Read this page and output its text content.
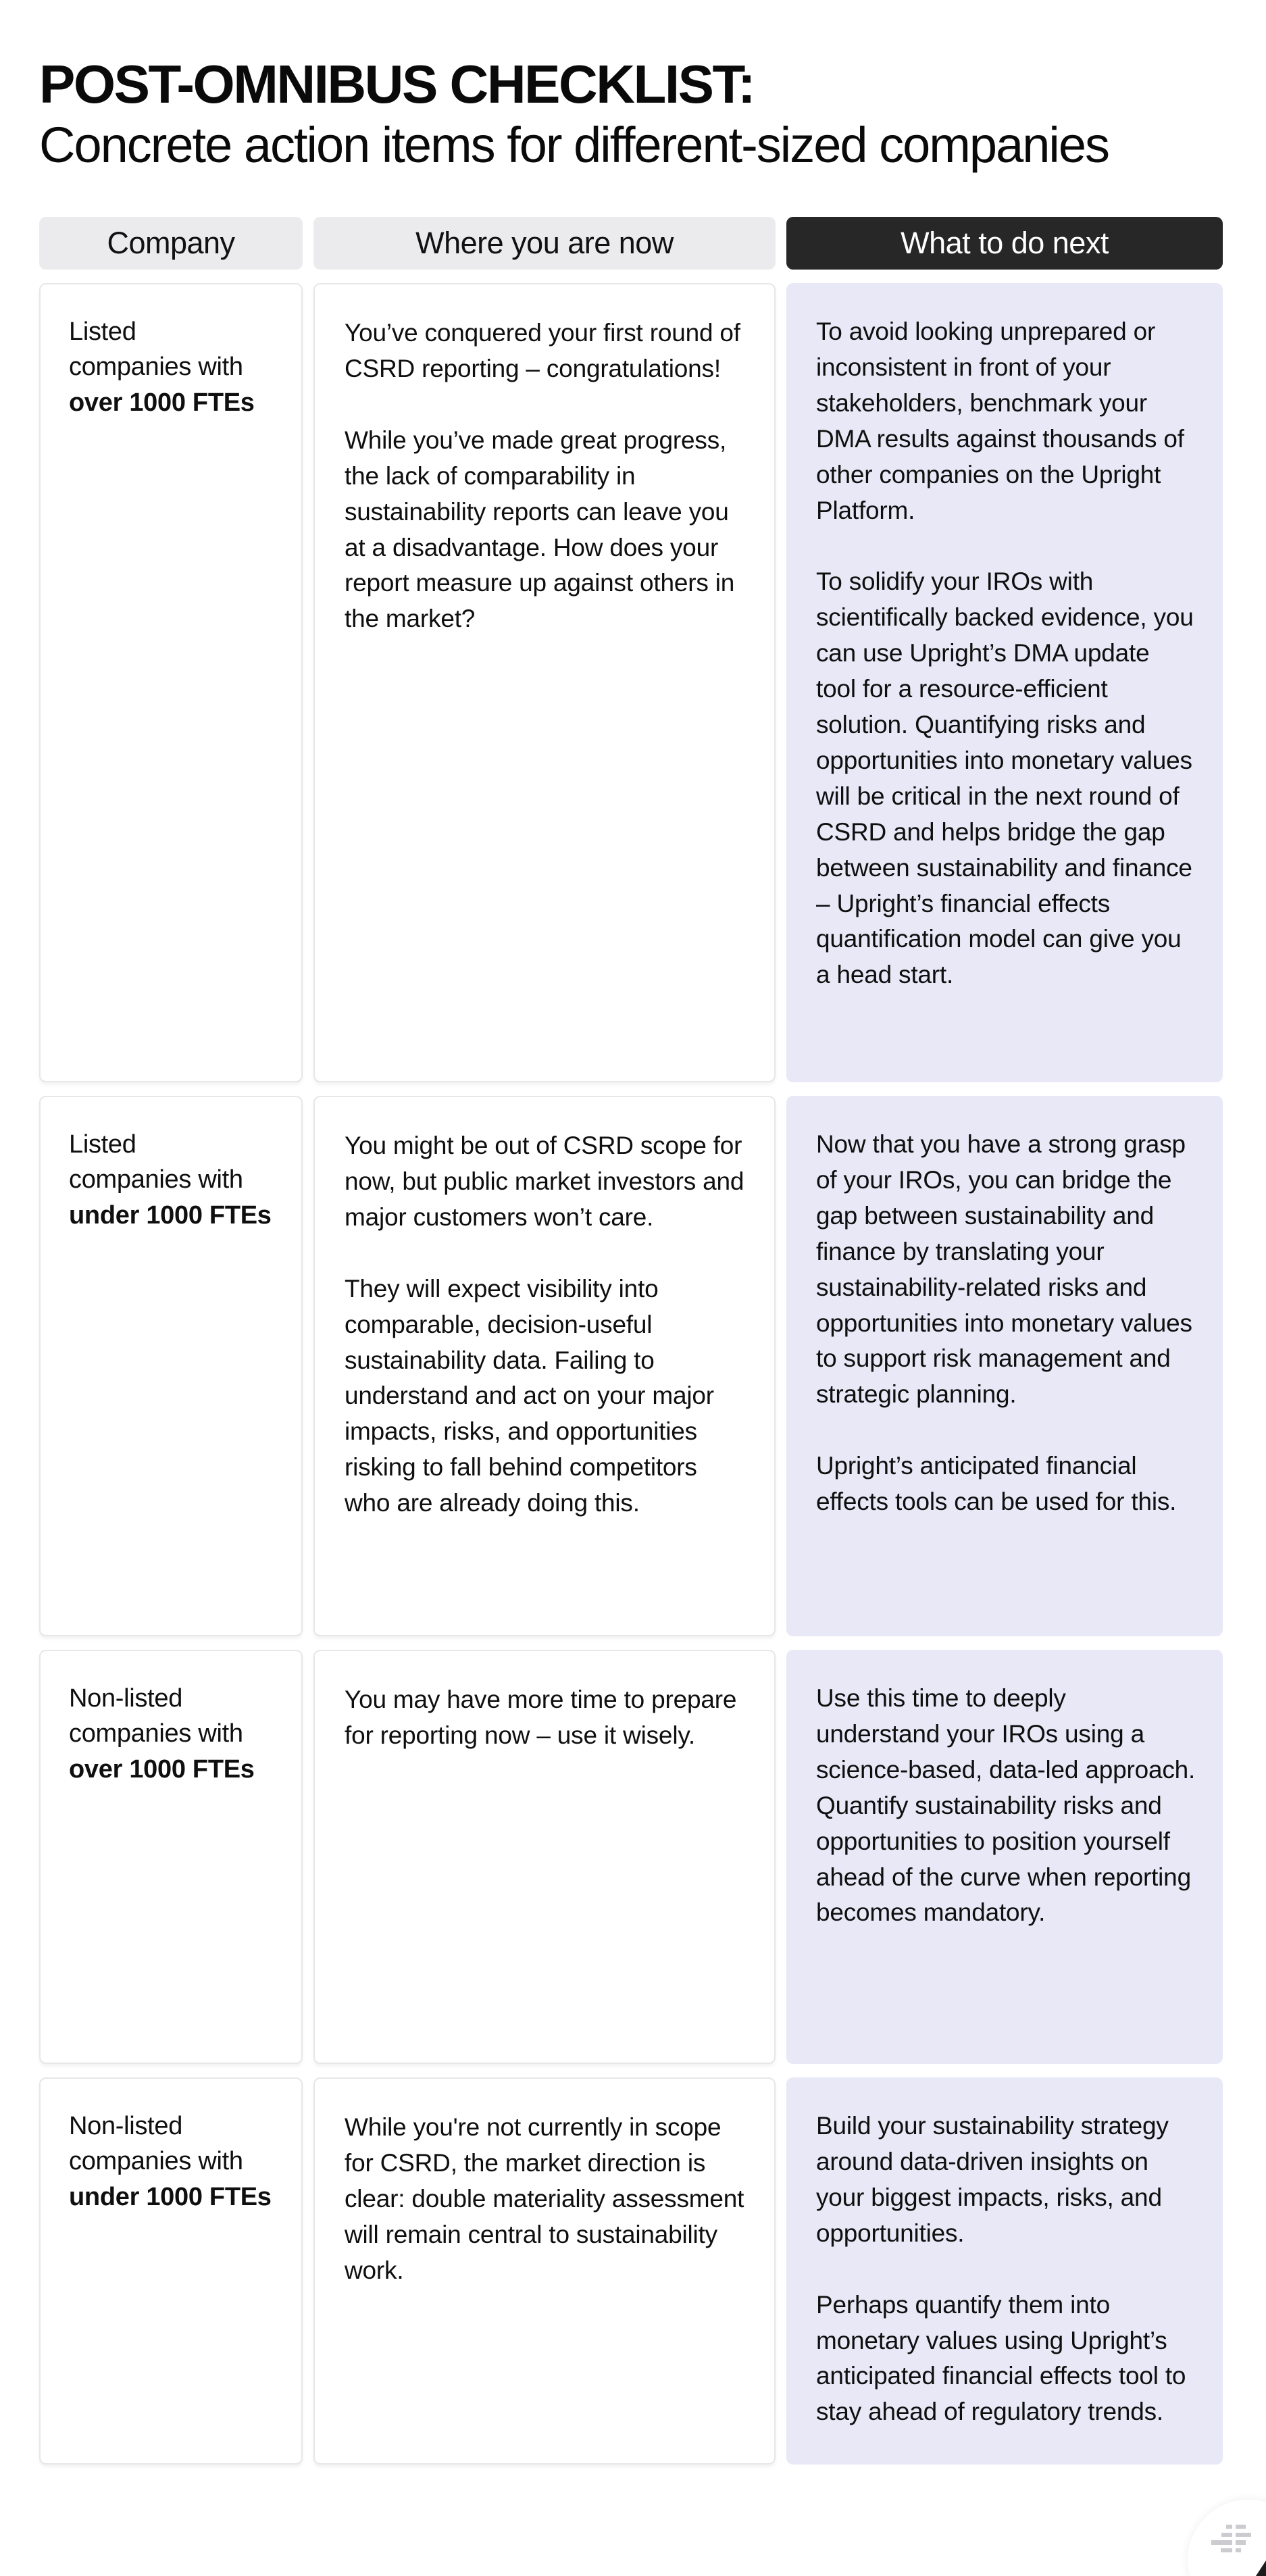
POST-OMNIBUS CHECKLIST:
Concrete action items for different-sized companies
Company	Where you are now	What to do next
Listed
companies with
over 1000 FTEs

You’ve conquered your first round of CSRD reporting – congratulations!

While you’ve made great progress, the lack of comparability in sustainability reports can leave you at a disadvantage. How does your report measure up against others in the market?

To avoid looking unprepared or inconsistent in front of your stakeholders, benchmark your DMA results against thousands of other companies on the Upright Platform.

To solidify your IROs with scientifically backed evidence, you can use Upright’s DMA update tool for a resource-efficient solution. Quantifying risks and opportunities into monetary values will be critical in the next round of CSRD and helps bridge the gap between sustainability and finance – Upright’s financial effects quantification model can give you a head start.

Listed
companies with
under 1000 FTEs

You might be out of CSRD scope for now, but public market investors and major customers won’t care.

They will expect visibility into comparable, decision-useful sustainability data. Failing to understand and act on your major impacts, risks, and opportunities risking to fall behind competitors who are already doing this.

Now that you have a strong grasp of your IROs, you can bridge the gap between sustainability and finance by translating your sustainability-related risks and opportunities into monetary values to support risk management and strategic planning.

Upright’s anticipated financial effects tools can be used for this.

Non-listed
companies with
over 1000 FTEs

You may have more time to prepare for reporting now – use it wisely.

Use this time to deeply understand your IROs using a science-based, data-led approach. Quantify sustainability risks and opportunities to position yourself ahead of the curve when reporting becomes mandatory.

Non-listed
companies with
under 1000 FTEs

While you're not currently in scope for CSRD, the market direction is clear: double materiality assessment will remain central to sustainability work.

Build your sustainability strategy around data-driven insights on your biggest impacts, risks, and opportunities.

Perhaps quantify them into monetary values using Upright’s anticipated financial effects tool to stay ahead of regulatory trends.
